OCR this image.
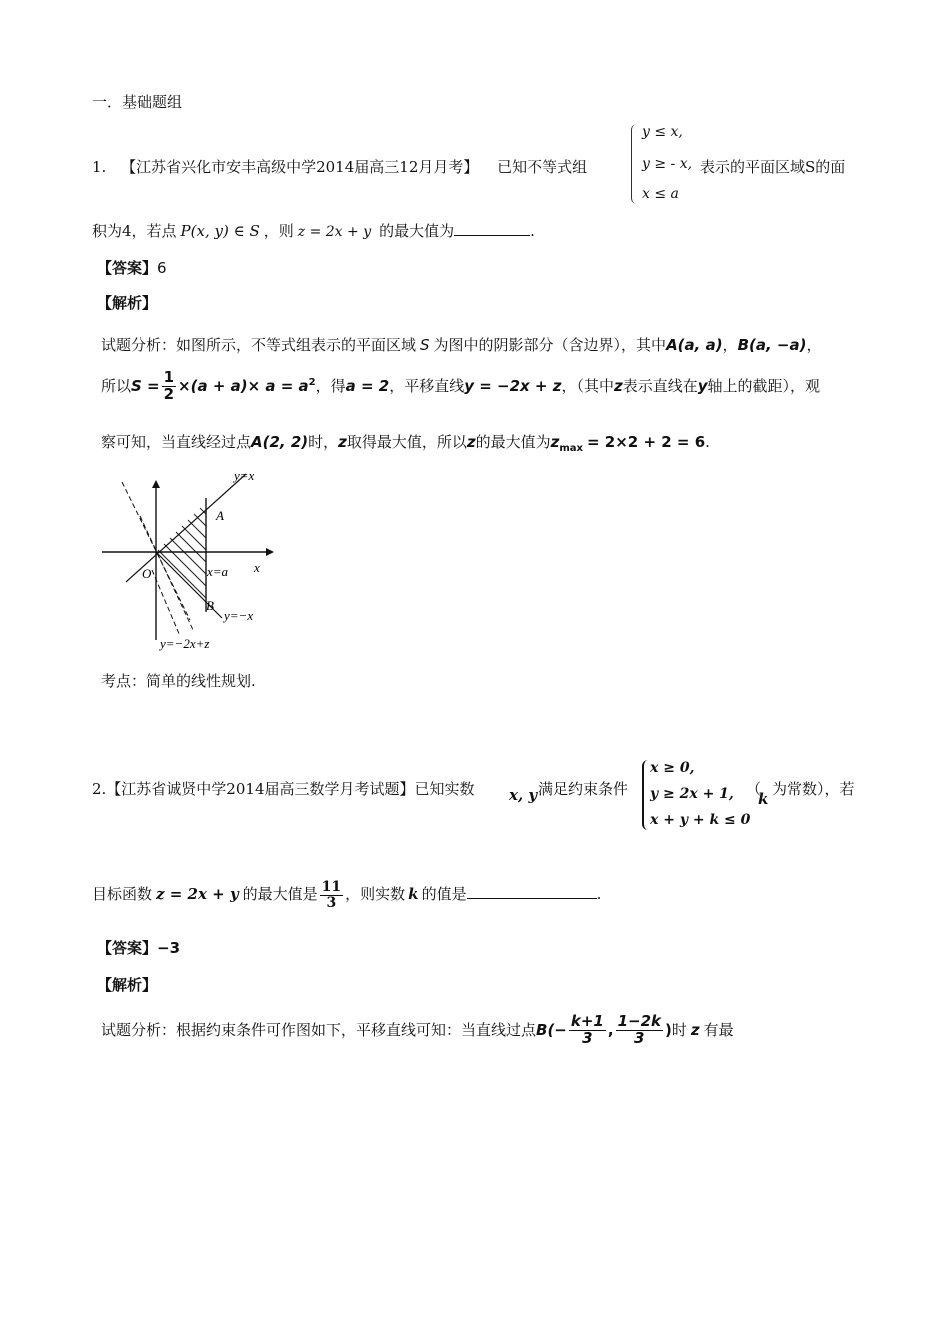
一．基础题组
1. 【江苏省兴化市安丰高级中学2014届高三12月月考】 已知不等式组
y ≤ x,
y ≥ - x, 表示的平面区域S的面
x ≤ a
积为4，若点 P(x, y) ∈ S ，则 z = 2x + y 的最大值为	.
【答案】6
【解析】
试题分析：如图所示，不等式组表示的平面区域 S 为图中的阴影部分（含边界），其中A(a, a)，B(a, −a)，
所以$S = \frac{1}{2} \times(a + a)\times a = a^2$，得a = 2，平移直线y = −2x + z，（其中z表示直线在y轴上的截距），观
察可知，当直线经过点A(2, 2)时，z取得最大值，所以z的最大值为$z_{max} = 2\times 2 + 2 = 6$.
y=x
A
x
O	x=a
B
y=−x
y=−2x+z
考点：简单的线性规划.
2.【江苏省诚贤中学2014届高三数学月考试题】已知实数 x, y 满足约束条件
x ≥ 0,
y ≥ 2x + 1,
x + y + k ≤ 0
（
k
为常数），若
目标函数 z = 2x + y 的最大值是 $\frac{11}{3}$ ，则实数 k 的值是	.
【答案】−3
【解析】
试题分析：根据约束条件可作图如下，平移直线可知：当直线过点$B(- \frac{k+1}{3}$ , $\frac{1-2k}{3}$ )时 z 有最
